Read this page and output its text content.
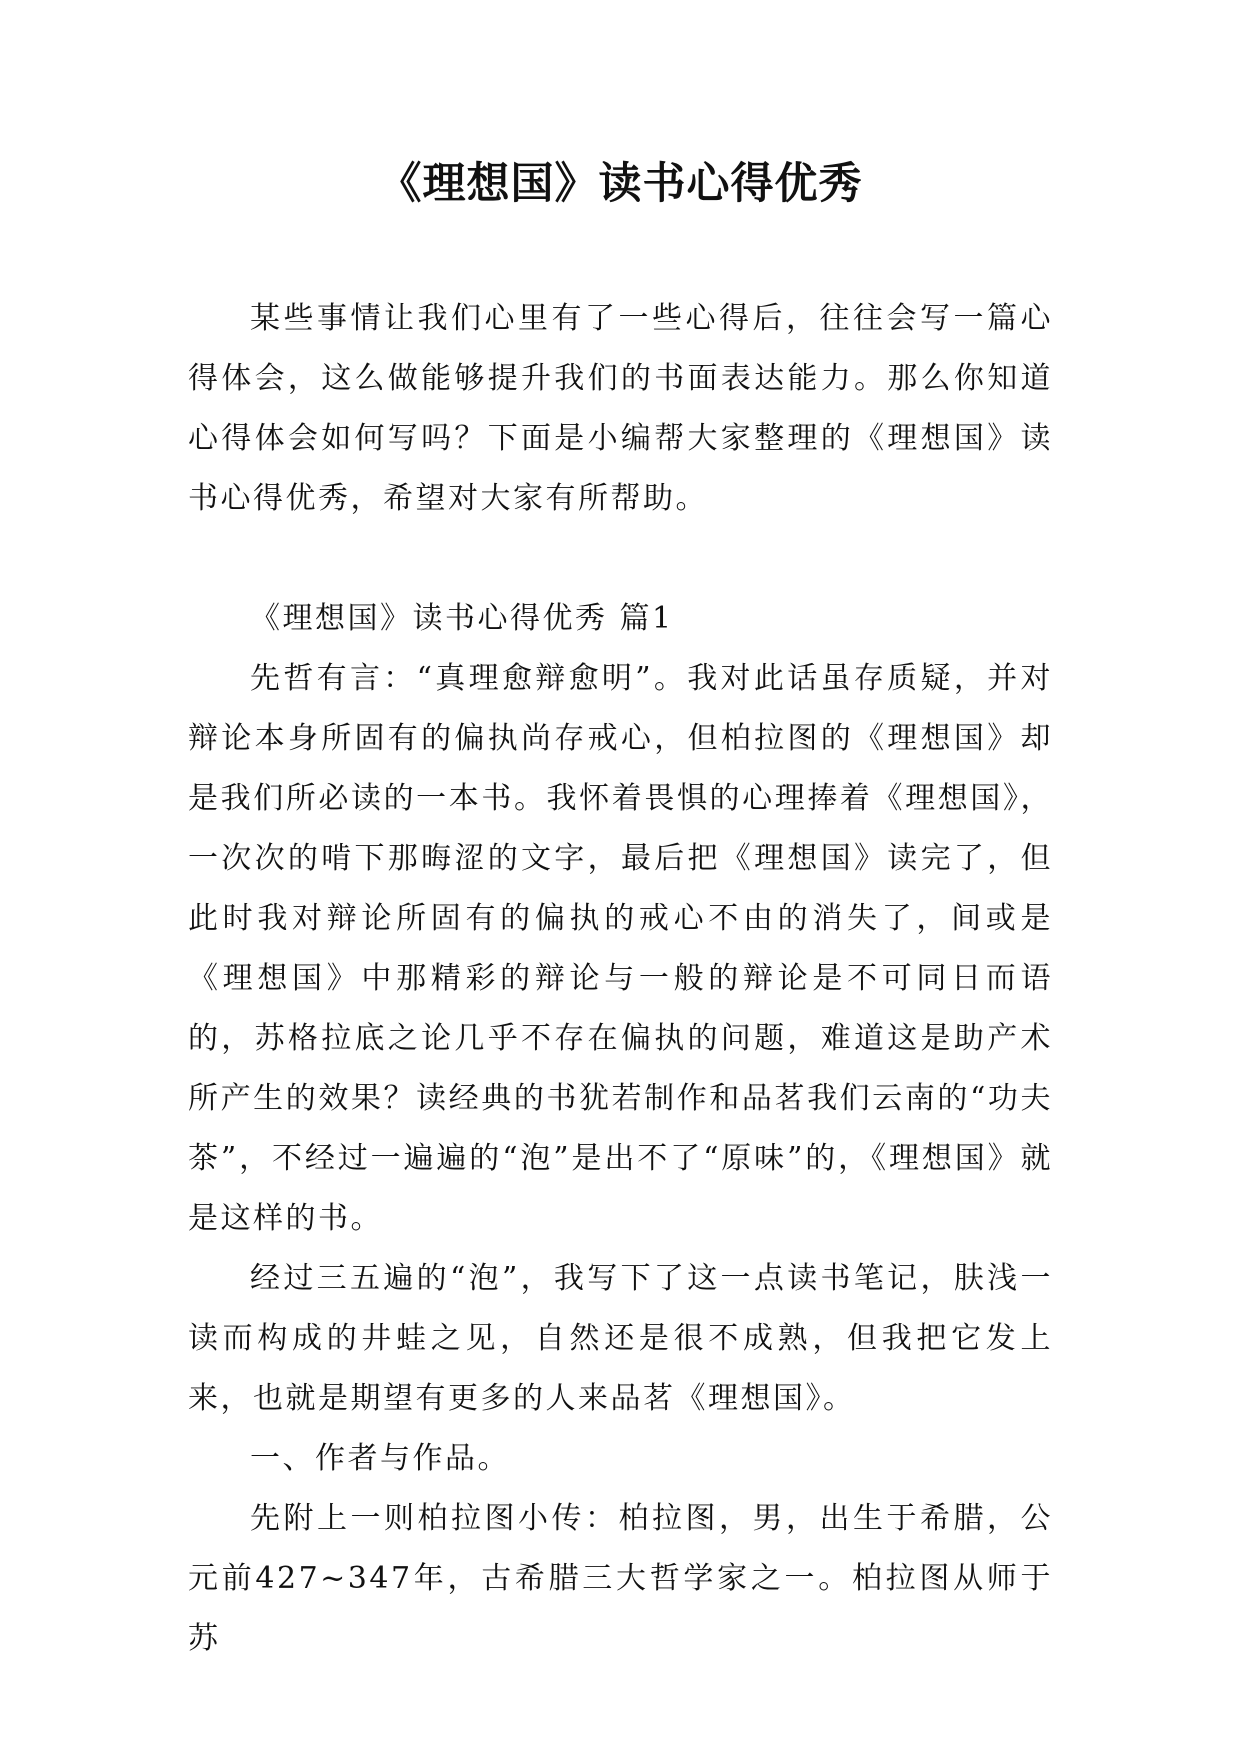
《理想国》读书心得优秀

某些事情让我们心里有了一些心得后，往往会写一篇心得体会，这么做能够提升我们的书面表达能力。那么你知道心得体会如何写吗？下面是小编帮大家整理的《理想国》读书心得优秀，希望对大家有所帮助。

《理想国》读书心得优秀 篇1

先哲有言：“真理愈辩愈明”。我对此话虽存质疑，并对辩论本身所固有的偏执尚存戒心，但柏拉图的《理想国》却是我们所必读的一本书。我怀着畏惧的心理捧着《理想国》，一次次的啃下那晦涩的文字，最后把《理想国》读完了，但此时我对辩论所固有的偏执的戒心不由的消失了，间或是《理想国》中那精彩的辩论与一般的辩论是不可同日而语的，苏格拉底之论几乎不存在偏执的问题，难道这是助产术所产生的效果？读经典的书犹若制作和品茗我们云南的“功夫茶”，不经过一遍遍的“泡”是出不了“原味”的，《理想国》就是这样的书。

经过三五遍的“泡”，我写下了这一点读书笔记，肤浅一读而构成的井蛙之见，自然还是很不成熟，但我把它发上来，也就是期望有更多的人来品茗《理想国》。

一、作者与作品。

先附上一则柏拉图小传：柏拉图，男，出生于希腊，公元前427~347年，古希腊三大哲学家之一。柏拉图从师于苏
